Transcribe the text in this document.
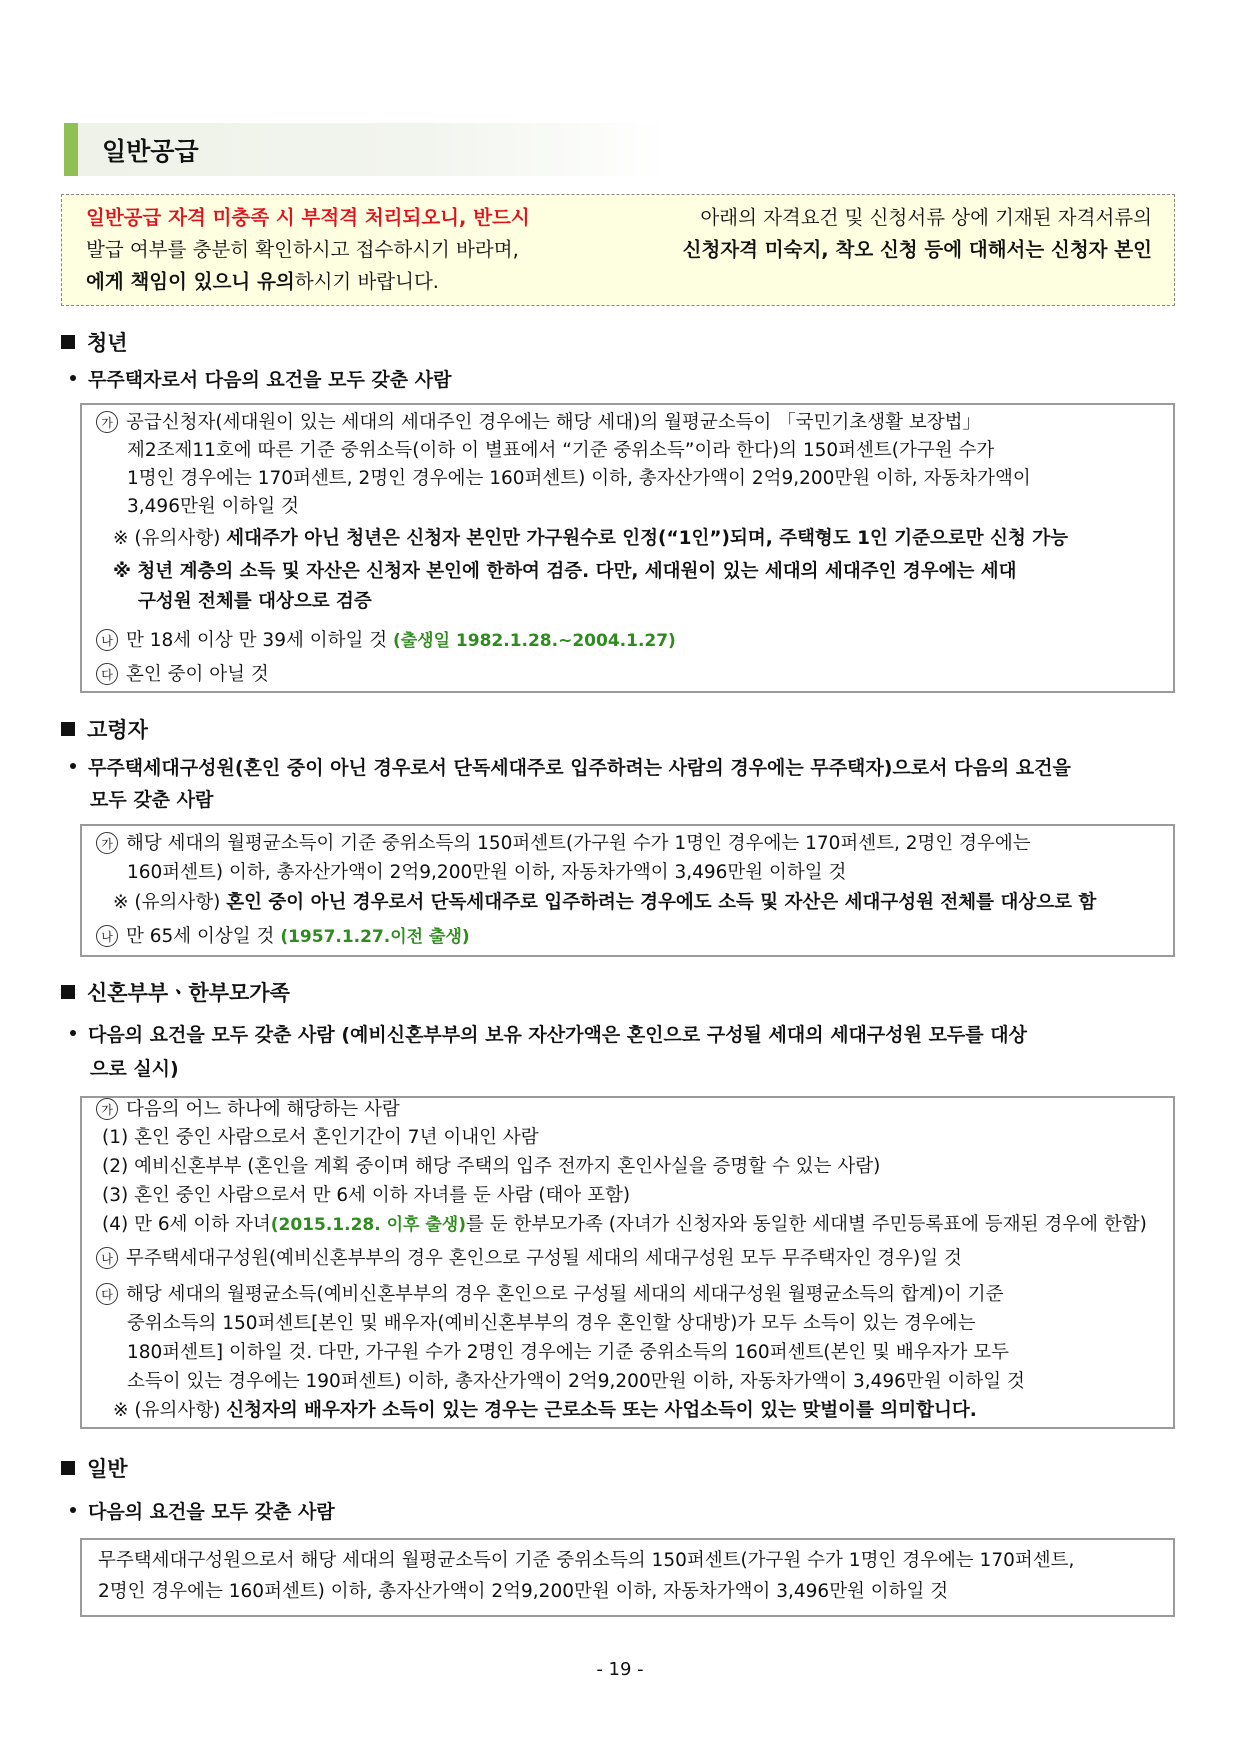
일반공급
일반공급 자격 미충족 시 부적격 처리되오니, 반드시	아래의 자격요건 및 신청서류 상에 기재된 자격서류의
발급 여부를 충분히 확인하시고 접수하시기 바라며,	신청자격 미숙지, 착오 신청 등에 대해서는 신청자 본인
에게 책임이 있으니 유의 하시기 바랍니다.
청년
무주택자로서 다음의 요건을 모두 갖춘 사람
가 공급신청자(세대원이 있는 세대의 세대주인 경우에는 해당 세대)의 월평균소득이 「국민기초생활 보장법」
제2조제11호에 따른 기준 중위소득(이하 이 별표에서 “기준 중위소득”이라 한다)의 150퍼센트(가구원 수가
1명인 경우에는 170퍼센트, 2명인 경우에는 160퍼센트) 이하, 총자산가액이 2억9,200만원 이하, 자동차가액이
3,496만원 이하일 것
※ (유의사항) 세대주가 아닌 청년은 신청자 본인만 가구원수로 인정(“1인”)되며, 주택형도 1인 기준으로만 신청 가능
※ 청년 계층의 소득 및 자산은 신청자 본인에 한하여 검증. 다만, 세대원이 있는 세대의 세대주인 경우에는 세대
구성원 전체를 대상으로 검증
나 만 18세 이상 만 39세 이하일 것 (출생일 1982.1.28.~2004.1.27)
다 혼인 중이 아닐 것
고령자
무주택세대구성원(혼인 중이 아닌 경우로서 단독세대주로 입주하려는 사람의 경우에는 무주택자)으로서 다음의 요건을
모두 갖춘 사람
가 해당 세대의 월평균소득이 기준 중위소득의 150퍼센트(가구원 수가 1명인 경우에는 170퍼센트, 2명인 경우에는
160퍼센트) 이하, 총자산가액이 2억9,200만원 이하, 자동차가액이 3,496만원 이하일 것
※ (유의사항) 혼인 중이 아닌 경우로서 단독세대주로 입주하려는 경우에도 소득 및 자산은 세대구성원 전체를 대상으로 함
나 만 65세 이상일 것 (1957.1.27.이전 출생)
신혼부부ㆍ한부모가족
다음의 요건을 모두 갖춘 사람 (예비신혼부부의 보유 자산가액은 혼인으로 구성될 세대의 세대구성원 모두를 대상
으로 실시)
가 다음의 어느 하나에 해당하는 사람
(1) 혼인 중인 사람으로서 혼인기간이 7년 이내인 사람
(2) 예비신혼부부 (혼인을 계획 중이며 해당 주택의 입주 전까지 혼인사실을 증명할 수 있는 사람)
(3) 혼인 중인 사람으로서 만 6세 이하 자녀를 둔 사람 (태아 포함)
(4) 만 6세 이하 자녀(2015.1.28. 이후 출생)를 둔 한부모가족 (자녀가 신청자와 동일한 세대별 주민등록표에 등재된 경우에 한함)
나 무주택세대구성원(예비신혼부부의 경우 혼인으로 구성될 세대의 세대구성원 모두 무주택자인 경우)일 것
다 해당 세대의 월평균소득(예비신혼부부의 경우 혼인으로 구성될 세대의 세대구성원 월평균소득의 합계)이 기준
중위소득의 150퍼센트[본인 및 배우자(예비신혼부부의 경우 혼인할 상대방)가 모두 소득이 있는 경우에는
180퍼센트] 이하일 것. 다만, 가구원 수가 2명인 경우에는 기준 중위소득의 160퍼센트(본인 및 배우자가 모두
소득이 있는 경우에는 190퍼센트) 이하, 총자산가액이 2억9,200만원 이하, 자동차가액이 3,496만원 이하일 것
※ (유의사항) 신청자의 배우자가 소득이 있는 경우는 근로소득 또는 사업소득이 있는 맞벌이를 의미합니다.
일반
다음의 요건을 모두 갖춘 사람
무주택세대구성원으로서 해당 세대의 월평균소득이 기준 중위소득의 150퍼센트(가구원 수가 1명인 경우에는 170퍼센트,
2명인 경우에는 160퍼센트) 이하, 총자산가액이 2억9,200만원 이하, 자동차가액이 3,496만원 이하일 것
- 19 -
